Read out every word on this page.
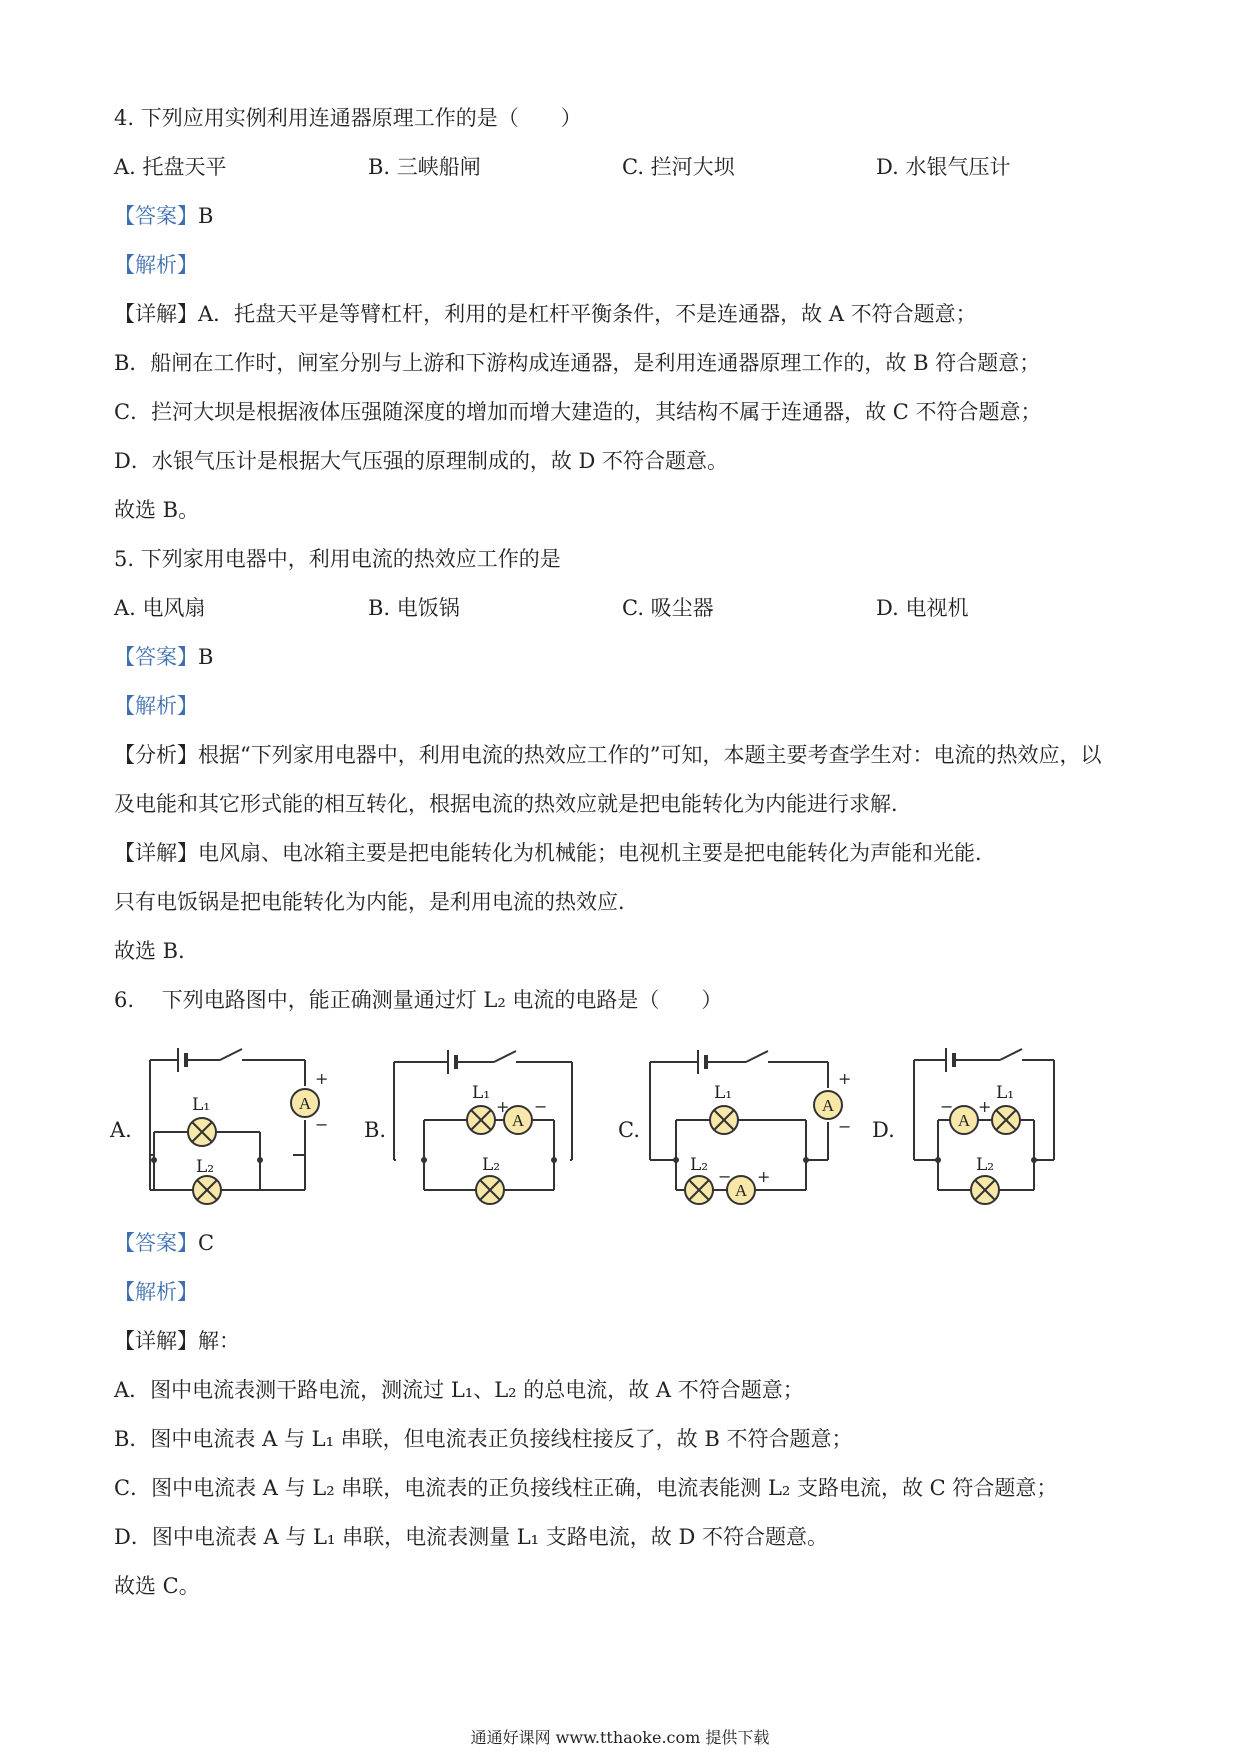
4. 下列应用实例利用连通器原理工作的是（　　）
A. 托盘天平	B. 三峡船闸	C. 拦河大坝	D. 水银气压计
【答案】B
【解析】
【详解】A．托盘天平是等臂杠杆，利用的是杠杆平衡条件，不是连通器，故 A 不符合题意；
B．船闸在工作时，闸室分别与上游和下游构成连通器，是利用连通器原理工作的，故 B 符合题意；
C．拦河大坝是根据液体压强随深度的增加而增大建造的，其结构不属于连通器，故 C 不符合题意；
D．水银气压计是根据大气压强的原理制成的，故 D 不符合题意。
故选 B。
5. 下列家用电器中，利用电流的热效应工作的是
A. 电风扇	B. 电饭锅	C. 吸尘器	D. 电视机
【答案】B
【解析】
【分析】根据“下列家用电器中，利用电流的热效应工作的”可知，本题主要考查学生对：电流的热效应，以
及电能和其它形式能的相互转化，根据电流的热效应就是把电能转化为内能进行求解．
【详解】电风扇、电冰箱主要是把电能转化为机械能；电视机主要是把电能转化为声能和光能．
只有电饭锅是把电能转化为内能，是利用电流的热效应．
故选 B．
6.　 下列电路图中，能正确测量通过灯 L₂ 电流的电路是（　　）
A.
A
+
−
L₁
L₂
B.	A
+ −
L₁
L₂
C.
A
+
−
A
− +
L₁
L₂
D.	A
− +
L₁
L₂
【答案】C
【解析】
【详解】解：
A．图中电流表测干路电流，测流过 L₁、L₂ 的总电流，故 A 不符合题意；
B．图中电流表 A 与 L₁ 串联，但电流表正负接线柱接反了，故 B 不符合题意；
C．图中电流表 A 与 L₂ 串联，电流表的正负接线柱正确，电流表能测 L₂ 支路电流，故 C 符合题意；
D．图中电流表 A 与 L₁ 串联，电流表测量 L₁ 支路电流，故 D 不符合题意。
故选 C。
通通好课网 www.tthaoke.com 提供下载
